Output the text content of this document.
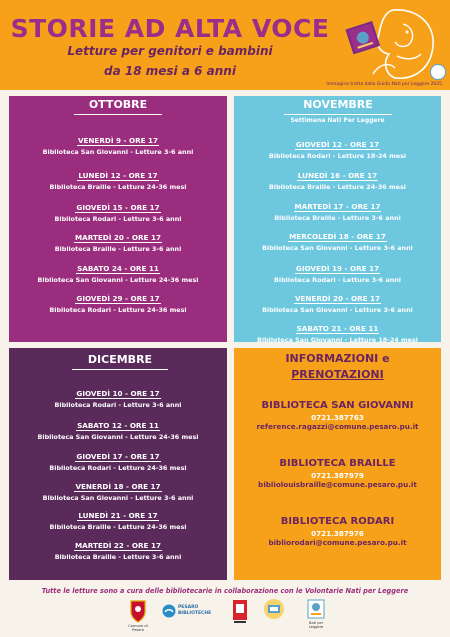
STORIE AD ALTA VOCE
Letture per genitori e bambini
da 18 mesi a 6 anni
Immagine tratta dalla Guida Nati per Leggere 2025
OTTOBRE
VENERDÌ 9 - ORE 17
Biblioteca San Giovanni - Letture 3-6 anni
LUNEDÌ 12 - ORE 17
Biblioteca Braille - Letture 24-36 mesi
GIOVEDÌ 15 - ORE 17
Biblioteca Rodari - Letture 3-6 anni
MARTEDÌ 20 - ORE 17
Biblioteca Braille - Letture 3-6 anni
SABATO 24 - ORE 11
Biblioteca San Giovanni - Letture 24-36 mesi
GIOVEDÌ 29 - ORE 17
Biblioteca Rodari - Letture 24-36 mesi
NOVEMBRE
Settimana Nati Per Leggere
GIOVEDÌ 12 - ORE 17
Biblioteca Rodari - Letture 18-24 mesi
LUNEDÌ 16 - ORE 17
Biblioteca Braille - Letture 24-36 mesi
MARTEDÌ 17 - ORE 17
Biblioteca Braille - Letture 3-6 anni
MERCOLEDÌ 18 - ORE 17
Biblioteca San Giovanni - Letture 3-6 anni
GIOVEDÌ 19 - ORE 17
Biblioteca Rodari - Letture 3-6 anni
VENERDÌ 20 - ORE 17
Biblioteca San Giovanni - Letture 3-6 anni
SABATO 21 - ORE 11
Biblioteca San Giovanni - Letture 18-24 mesi
DICEMBRE
GIOVEDÌ 10 - ORE 17
Biblioteca Rodari - Letture 3-6 anni
SABATO 12 - ORE 11
Biblioteca San Giovanni - Letture 24-36 mesi
GIOVEDÌ 17 - ORE 17
Biblioteca Rodari - Letture 24-36 mesi
VENERDÌ 18 - ORE 17
Biblioteca San Giovanni - Letture 3-6 anni
LUNEDÌ 21 - ORE 17
Biblioteca Braille - Letture 24-36 mesi
MARTEDÌ 22 - ORE 17
Biblioteca Braille - Letture 3-6 anni
INFORMAZIONI e
PRENOTAZIONI
BIBLIOTECA SAN GIOVANNI
0721.387763
reference.ragazzi@comune.pesaro.pu.it
BIBLIOTECA BRAILLE
0721.387979
bibliolouisbraille@comune.pesaro.pu.it
BIBLIOTECA RODARI
0721.387976
bibliorodari@comune.pesaro.pu.it
Tutte le letture sono a cura delle bibliotecarie in collaborazione con le Volontarie Nati per Leggere
Comune di Pesaro
PESARO BIBLIOTECHE
Nati per Leggere
